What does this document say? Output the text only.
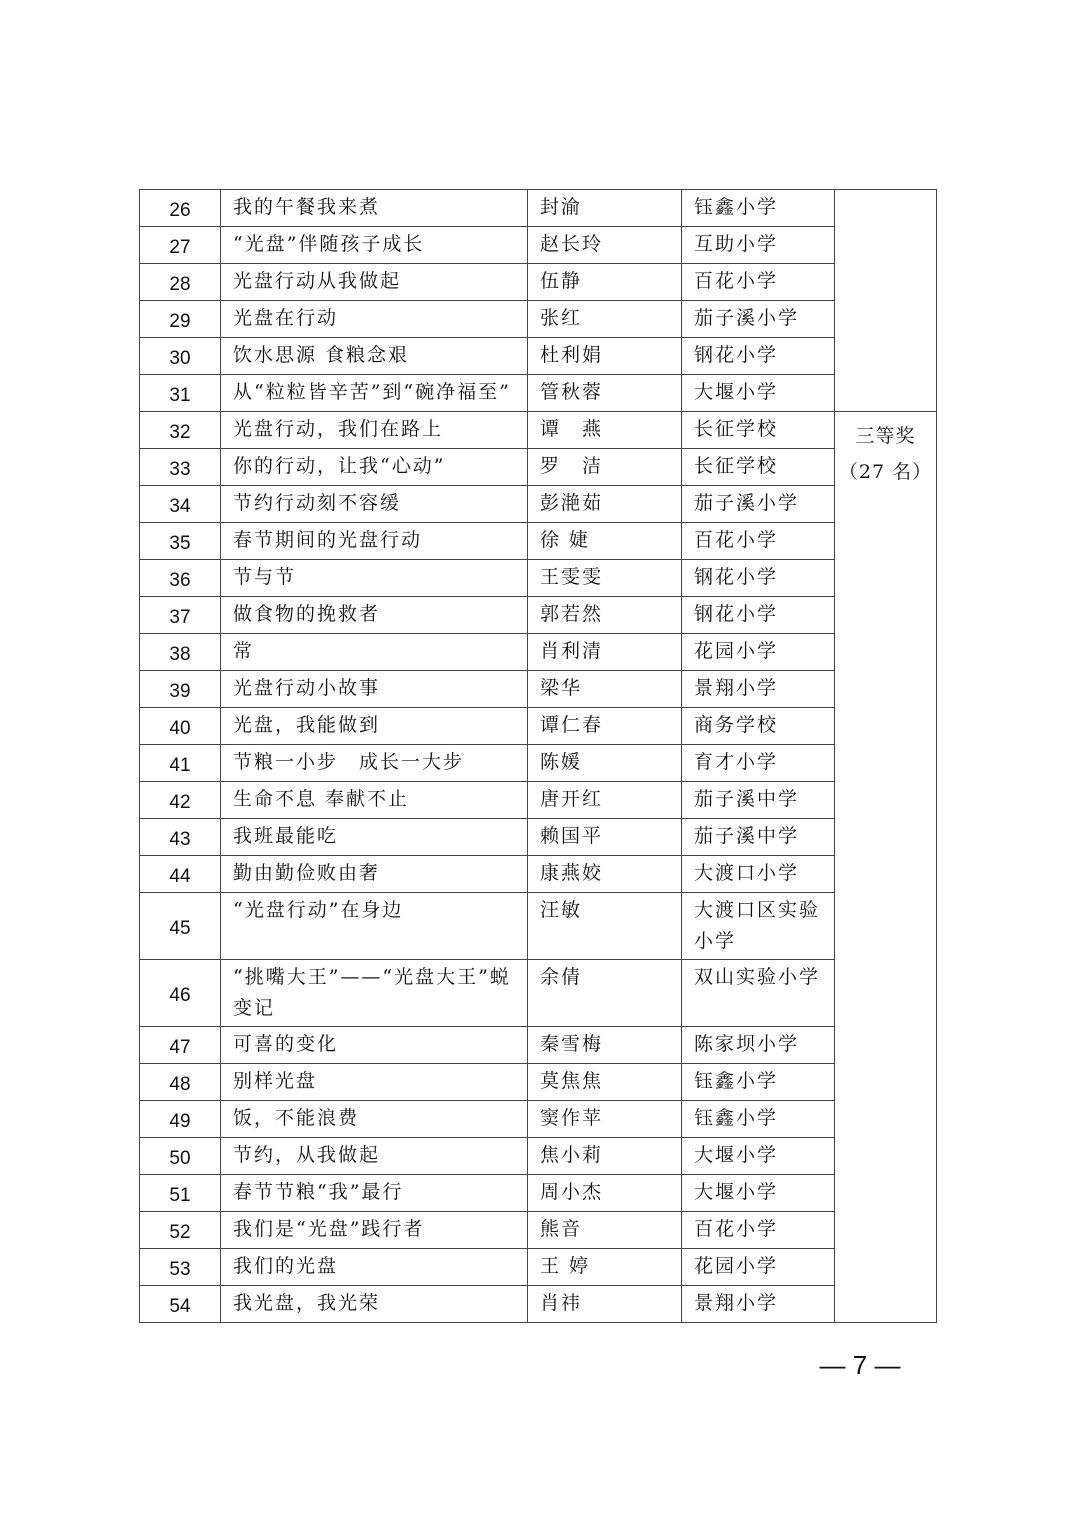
26	我的午餐我来煮	封渝	钰鑫小学	
27	“光盘”伴随孩子成长	赵长玲	互助小学	
28	光盘行动从我做起	伍静	百花小学	
29	光盘在行动	张红	茄子溪小学	
30	饮水思源 食粮念艰	杜利娟	钢花小学	
31	从“粒粒皆辛苦”到“碗净福至”	管秋蓉	大堰小学	
32	光盘行动，我们在路上	谭　燕	长征学校	三等奖
（27 名）

33	你的行动，让我“心动”	罗　洁	长征学校	
34	节约行动刻不容缓	彭滟茹	茄子溪小学	
35	春节期间的光盘行动	徐 婕	百花小学	
36	节与节	王雯雯	钢花小学	
37	做食物的挽救者	郭若然	钢花小学	
38	常	肖利清	花园小学	
39	光盘行动小故事	梁华	景翔小学	
40	光盘，我能做到	谭仁春	商务学校	
41	节粮一小步　成长一大步	陈媛	育才小学	
42	生命不息 奉献不止	唐开红	茄子溪中学	
43	我班最能吃	赖国平	茄子溪中学	
44	勤由勤俭败由奢	康燕姣	大渡口小学	
45	“光盘行动”在身边	汪敏	大渡口区实验小学	
46	“挑嘴大王”——“光盘大王”蜕变记	余倩	双山实验小学	
47	可喜的变化	秦雪梅	陈家坝小学	
48	别样光盘	莫焦焦	钰鑫小学	
49	饭，不能浪费	窦作苹	钰鑫小学	
50	节约，从我做起	焦小莉	大堰小学	
51	春节节粮“我”最行	周小杰	大堰小学	
52	我们是“光盘”践行者	熊音	百花小学	
53	我们的光盘	王 婷	花园小学	
54	我光盘，我光荣	肖祎	景翔小学	
— 7 —
